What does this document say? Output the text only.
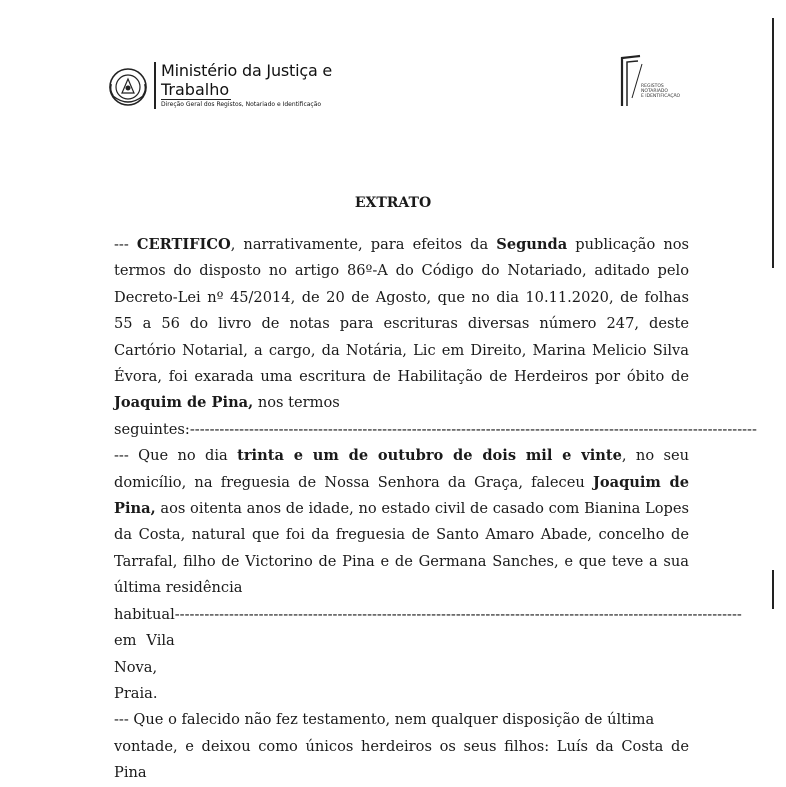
Ministério da Justiça e
Trabalho
Direção Geral dos Registos, Notariado e Identificação
REGISTOS
NOTARIADO
E IDENTIFICAÇÃO
EXTRATO

--- CERTIFICO, narrativamente, para efeitos da Segunda publicação nos termos do disposto no artigo 86º-A do Código do Notariado, aditado pelo Decreto-Lei nº 45/2014, de 20 de Agosto, que no dia 10.11.2020, de folhas 55 a 56 do livro de notas para escrituras diversas número 247, deste Cartório Notarial, a cargo, da Notária, Lic em Direito, Marina Melicio Silva Évora, foi exarada uma escritura de Habilitação de Herdeiros por óbito de Joaquim de Pina, nos termos

seguintes: -------------------------------------------------------------------------------------------------------------------

--- Que no dia trinta e um de outubro de dois mil e vinte, no seu domicílio, na freguesia de Nossa Senhora da Graça, faleceu Joaquim de Pina, aos oitenta anos de idade, no estado civil de casado com Bianina Lopes da Costa, natural que foi da freguesia de Santo Amaro Abade, concelho de Tarrafal, filho de Victorino de Pina e de Germana Sanches, e que teve a sua última residência

habitual em Vila Nova, Praia.
-------------------------------------------------------------------------------------------------------------------

--- Que o falecido não fez testamento, nem qualquer disposição de última

vontade, e deixou como únicos herdeiros os seus filhos: Luís da Costa de Pina
